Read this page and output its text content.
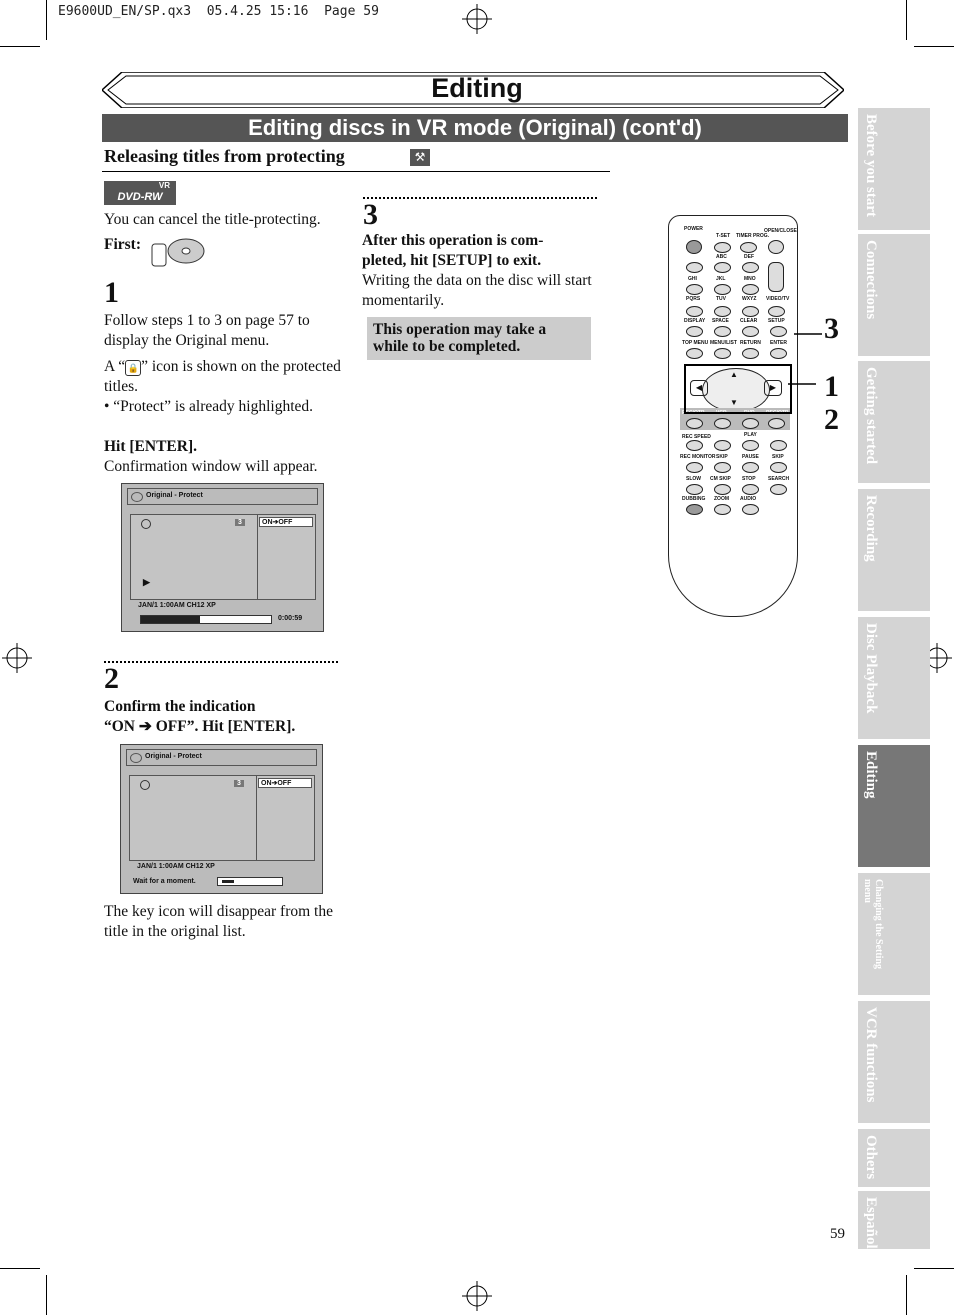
E9600UD_EN/SP.qx3  05.4.25 15:16  Page 59
Editing
Editing discs in VR mode (Original) (cont'd)
Releasing titles from protecting	⚒
VR
DVD-RW
You can cancel the title-protecting.
First:
1
Follow steps 1 to 3 on page 57 to display the Original menu.
A “ 🔒 ” icon is shown on the protected titles.
• “Protect” is already highlighted.
Hit [ENTER].
Confirmation window will appear.
Original - Protect
3
▶
ON➔OFF
JAN/1 1:00AM CH12 XP
0:00:59
2
Confirm the indication
“ON ➔ OFF”. Hit [ENTER].
Original - Protect
3	ON➔OFF
JAN/1 1:00AM CH12 XP
Wait for a moment.
The key icon will disappear from the title in the original list.
3
After this operation is com-
pleted, hit [SETUP] to exit.
Writing the data on the disc will start momentarily.
This operation may take a while to be completed.
POWER	OPEN/CLOSE
T-SET TIMER PROG.
ABC	DEF
GHI	JKL	MNO
PQRS	TUV	WXYZ VIDEO/TV
DISPLAY SPACE CLEAR SETUP
TOP MENU MENU/LIST RETURN ENTER
◀	▶
▲
▼
REC/OTR VCR	DVD REC/OTR
REC SPEED	PLAY
REC MONITOR SKIP	PAUSE	SKIP
SLOW CM SKIP STOP SEARCH
DUBBING ZOOM AUDIO
3
1
2
Before you start
Connections
Getting started
Recording
Disc Playback
Editing
Changing the Setting menu
VCR functions
Others
Español
59
